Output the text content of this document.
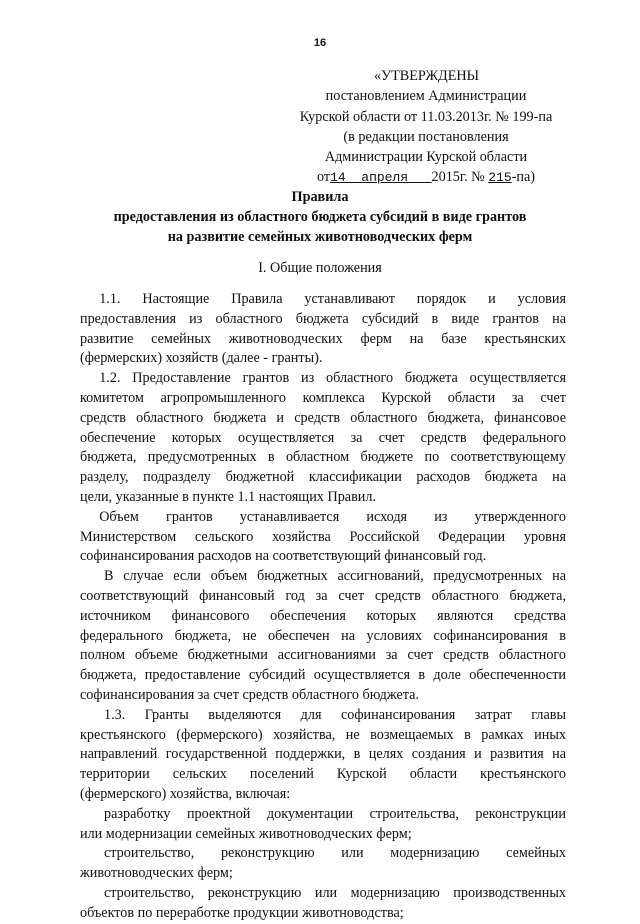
16
«УТВЕРЖДЕНЫ
постановлением Администрации
Курской области от 11.03.2013г. № 199-па
(в редакции постановления
Администрации Курской области
от14 апреля 2015г. № 215-па)
Правила
предоставления из областного бюджета субсидий в виде грантов
на развитие семейных животноводческих ферм
I. Общие положения
1.1. Настоящие Правила устанавливают порядок и условия
предоставления из областного бюджета субсидий в виде грантов на
развитие семейных животноводческих ферм на базе крестьянских
(фермерских) хозяйств (далее - гранты).
1.2. Предоставление грантов из областного бюджета осуществляется
комитетом агропромышленного комплекса Курской области за счет
средств областного бюджета и средств областного бюджета, финансовое
обеспечение которых осуществляется за счет средств федерального
бюджета, предусмотренных в областном бюджете по соответствующему
разделу, подразделу бюджетной классификации расходов бюджета на
цели, указанные в пункте 1.1 настоящих Правил.
Объем грантов устанавливается исходя из утвержденного
Министерством сельского хозяйства Российской Федерации уровня
софинансирования расходов на соответствующий финансовый год.
В случае если объем бюджетных ассигнований, предусмотренных на
соответствующий финансовый год за счет средств областного бюджета,
источником финансового обеспечения которых являются средства
федерального бюджета, не обеспечен на условиях софинансирования в
полном объеме бюджетными ассигнованиями за счет средств областного
бюджета, предоставление субсидий осуществляется в доле обеспеченности
софинансирования за счет средств областного бюджета.
1.3. Гранты выделяются для софинансирования затрат главы
крестьянского (фермерского) хозяйства, не возмещаемых в рамках иных
направлений государственной поддержки, в целях создания и развития на
территории сельских поселений Курской области крестьянского
(фермерского) хозяйства, включая:
разработку проектной документации строительства, реконструкции
или модернизации семейных животноводческих ферм;
строительство, реконструкцию или модернизацию семейных
животноводческих ферм;
строительство, реконструкцию или модернизацию производственных
объектов по переработке продукции животноводства;
